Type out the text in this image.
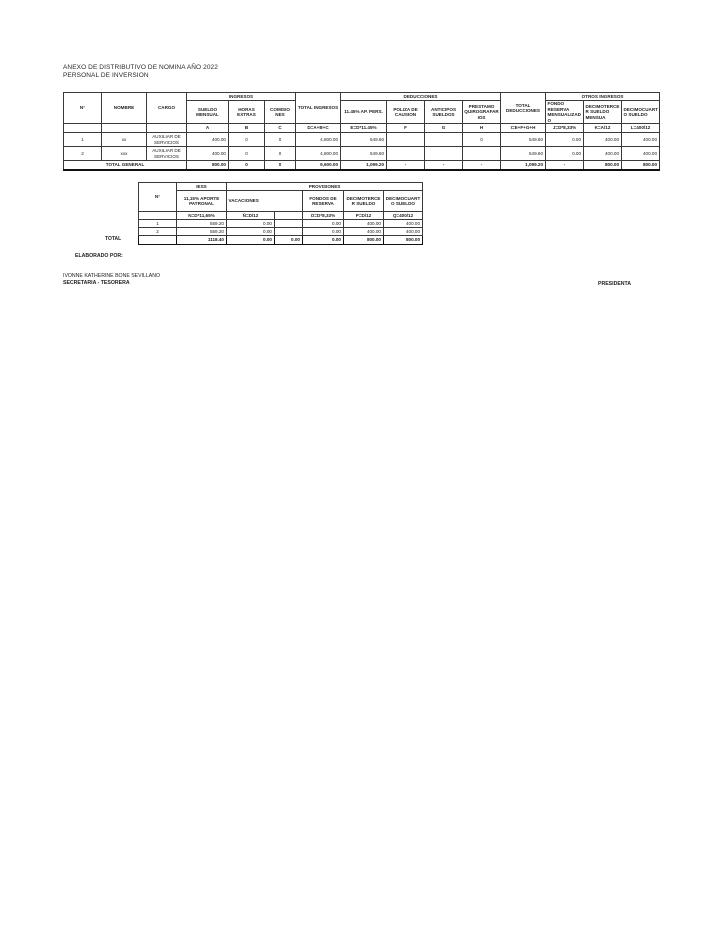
ANEXO DE DISTRIBUTIVO DE NOMINA AÑO 2022
PERSONAL DE INVERSION
N°	NOMBRE	CARGO	INGRESOS			TOTAL INGRESOS	DEDUCCIONES				TOTAL DEDUCCIONES	OTROS INGRESOS		
			SUELDO MENSUAL	HORAS EXTRAS	COMISIO NES		11.45% AP. PERS.	POLIZA DE CAUSION	ANTICIPOS SUELDOS	PRESTAMO QUIROGRAFARIOS		FONDO RESERVA MENSUALIZADO	DECIMOTERCER SUELDO MENSUA	DECIMOCUARTO SUELDO
			A	B	C	D=A+B+C	E=D*11.45%	F	G	H	I=E+F+G+H	J=D*8,33%	K=A/12	L=400/12
1	xx	AUXILIAR DE SERVICIOS	400.00	0	0	4,800.00	549.60			0	549.60	0.00	400.00	400.00
2	xxx	AUXILIAR DE SERVICIOS	400.00	0	0	4,800.00	549.60				549.60	0.00	400.00	400.00
TOTAL GENERAL			800.00	0	0	9,600.00	1,099.20	-	-	-	1,099.20	-	800.00	800.00
N°	IESS	PROVISIONES				
	11,15% APORTE PATRONAL	VACACIONES		FONDOS DE RESERVA	DECIMOTERCER SUELDO	DECIMOCUARTO SUELDO
	N=D*11,65%	Ñ=D/12		O=D*8,33%	P=D/12	Q=400/12
1	559.20	0.00		0.00	400.00	400.00
2	559.20	0.00		0.00	400.00	400.00
	1118.40	0.00	0.00	0.00	800.00	800.00
TOTAL
ELABORADO POR:
IVONNE KATHERINE BONE SEVILLANO
SECRETARIA - TESORERA	PRESIDENTA
